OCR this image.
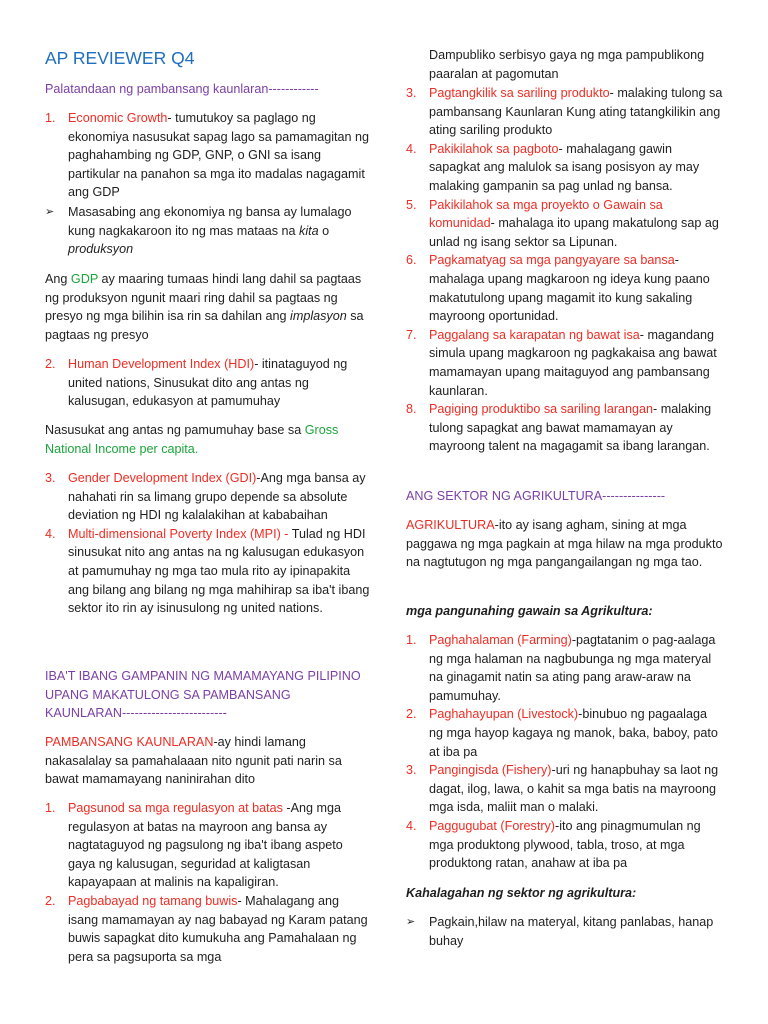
AP REVIEWER Q4

Palatandaan ng pambansang kaunlaran------------

1. Economic Growth- tumutukoy sa paglago ng ekonomiya nasusukat sapag lago sa pamamagitan ng paghahambing ng GDP, GNP, o GNI sa isang partikular na panahon sa mga ito madalas nagagamit ang GDP
➢ Masasabing ang ekonomiya ng bansa ay lumalago kung nagkakaroon ito ng mas mataas na kita o produksyon

Ang GDP ay maaring tumaas hindi lang dahil sa pagtaas ng produksyon ngunit maari ring dahil sa pagtaas ng presyo ng mga bilihin isa rin sa dahilan ang implasyon sa pagtaas ng presyo

2. Human Development Index (HDI)- itinataguyod ng united nations, Sinusukat dito ang antas ng kalusugan, edukasyon at pamumuhay

Nasusukat ang antas ng pamumuhay base sa Gross National Income per capita.

3. Gender Development Index (GDI)-Ang mga bansa ay nahahati rin sa limang grupo depende sa absolute deviation ng HDI ng kalalakihan at kababaihan
4. Multi-dimensional Poverty Index (MPI) - Tulad ng HDI sinusukat nito ang antas na ng kalusugan edukasyon at pamumuhay ng mga tao mula rito ay ipinapakita ang bilang ang bilang ng mga mahihirap sa iba't ibang sektor ito rin ay isinusulong ng united nations.

IBA'T IBANG GAMPANIN NG MAMAMAYANG PILIPINO UPANG MAKATULONG SA PAMBANSANG KAUNLARAN-------------------------

PAMBANSANG KAUNLARAN-ay hindi lamang nakasalalay sa pamahalaaan nito ngunit pati narin sa bawat mamamayang naninirahan dito

1. Pagsunod sa mga regulasyon at batas -Ang mga regulasyon at batas na mayroon ang bansa ay nagtataguyod ng pagsulong ng iba't ibang aspeto gaya ng kalusugan, seguridad at kaligtasan kapayapaan at malinis na kapaligiran.
2. Pagbabayad ng tamang buwis- Mahalagang ang isang mamamayan ay nag babayad ng Karam patang buwis sapagkat dito kumukuha ang Pamahalaan ng pera sa pagsuporta sa mga

Dampubliko serbisyo gaya ng mga pampublikong paaralan at pagomutan

3. Pagtangkilik sa sariling produkto- malaking tulong sa pambansang Kaunlaran Kung ating tatangkilikin ang ating sariling produkto
4. Pakikilahok sa pagboto- mahalagang gawin sapagkat ang malulok sa isang posisyon ay may malaking gampanin sa pag unlad ng bansa.
5. Pakikilahok sa mga proyekto o Gawain sa komunidad- mahalaga ito upang makatulong sap ag unlad ng isang sektor sa Lipunan.
6. Pagkamatyag sa mga pangyayare sa bansa- mahalaga upang magkaroon ng ideya kung paano makatutulong upang magamit ito kung sakaling mayroong oportunidad.
7. Paggalang sa karapatan ng bawat isa- magandang simula upang magkaroon ng pagkakaisa ang bawat mamamayan upang maitaguyod ang pambansang kaunlaran.
8. Pagiging produktibo sa sariling larangan- malaking tulong sapagkat ang bawat mamamayan ay mayroong talent na magagamit sa ibang larangan.

ANG SEKTOR NG AGRIKULTURA---------------

AGRIKULTURA-ito ay isang agham, sining at mga paggawa ng mga pagkain at mga hilaw na mga produkto na nagtutugon ng mga pangangailangan ng mga tao.

mga pangunahing gawain sa Agrikultura:

1. Paghahalaman (Farming)-pagtatanim o pag-aalaga ng mga halaman na nagbubunga ng mga materyal na ginagamit natin sa ating pang araw-araw na pamumuhay.
2. Paghahayupan (Livestock)-binubuo ng pagaalaga ng mga hayop kagaya ng manok, baka, baboy, pato at iba pa
3. Pangingisda (Fishery)-uri ng hanapbuhay sa laot ng dagat, ilog, lawa, o kahit sa mga batis na mayroong mga isda, maliit man o malaki.
4. Paggugubat (Forestry)-ito ang pinagmumulan ng mga produktong plywood, tabla, troso, at mga produktong ratan, anahaw at iba pa

Kahalagahan ng sektor ng agrikultura:

➢ Pagkain,hilaw na materyal, kitang panlabas, hanap buhay
